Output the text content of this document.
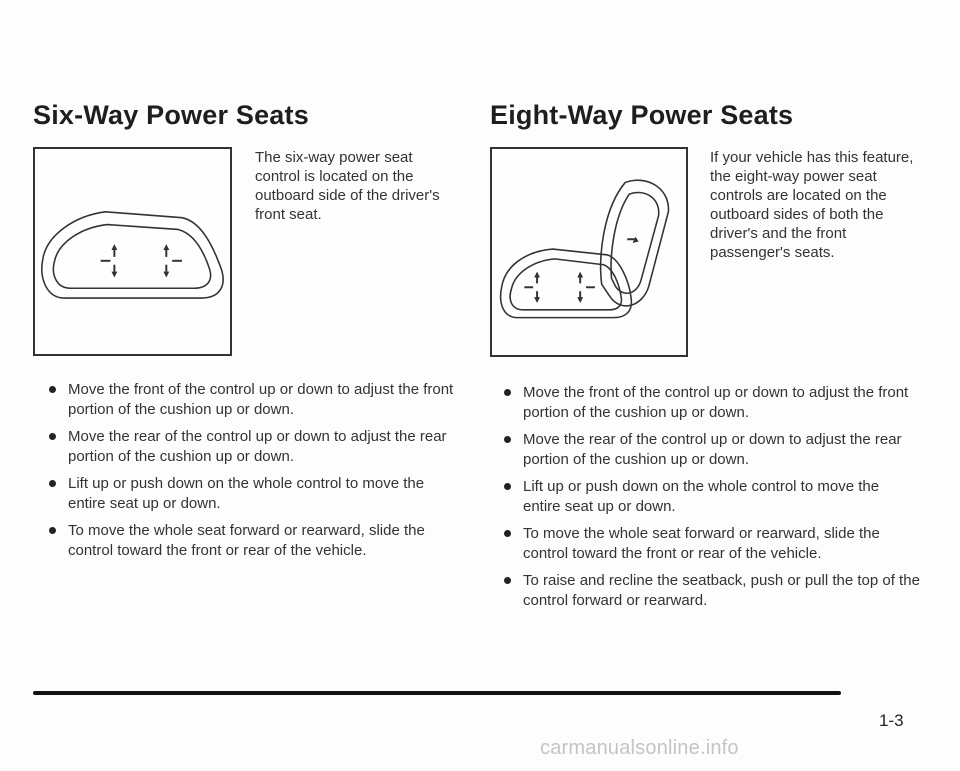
Six-Way Power Seats

The six-way power seat control is located on the outboard side of the driver's front seat.

Move the front of the control up or down to adjust the front portion of the cushion up or down.
Move the rear of the control up or down to adjust the rear portion of the cushion up or down.
Lift up or push down on the whole control to move the entire seat up or down.
To move the whole seat forward or rearward, slide the control toward the front or rear of the vehicle.
Eight-Way Power Seats

If your vehicle has this feature, the eight-way power seat controls are located on the outboard sides of both the driver's and the front passenger's seats.

Move the front of the control up or down to adjust the front portion of the cushion up or down.
Move the rear of the control up or down to adjust the rear portion of the cushion up or down.
Lift up or push down on the whole control to move the entire seat up or down.
To move the whole seat forward or rearward, slide the control toward the front or rear of the vehicle.
To raise and recline the seatback, push or pull the top of the control forward or rearward.
1-3
carmanualsonline.info
